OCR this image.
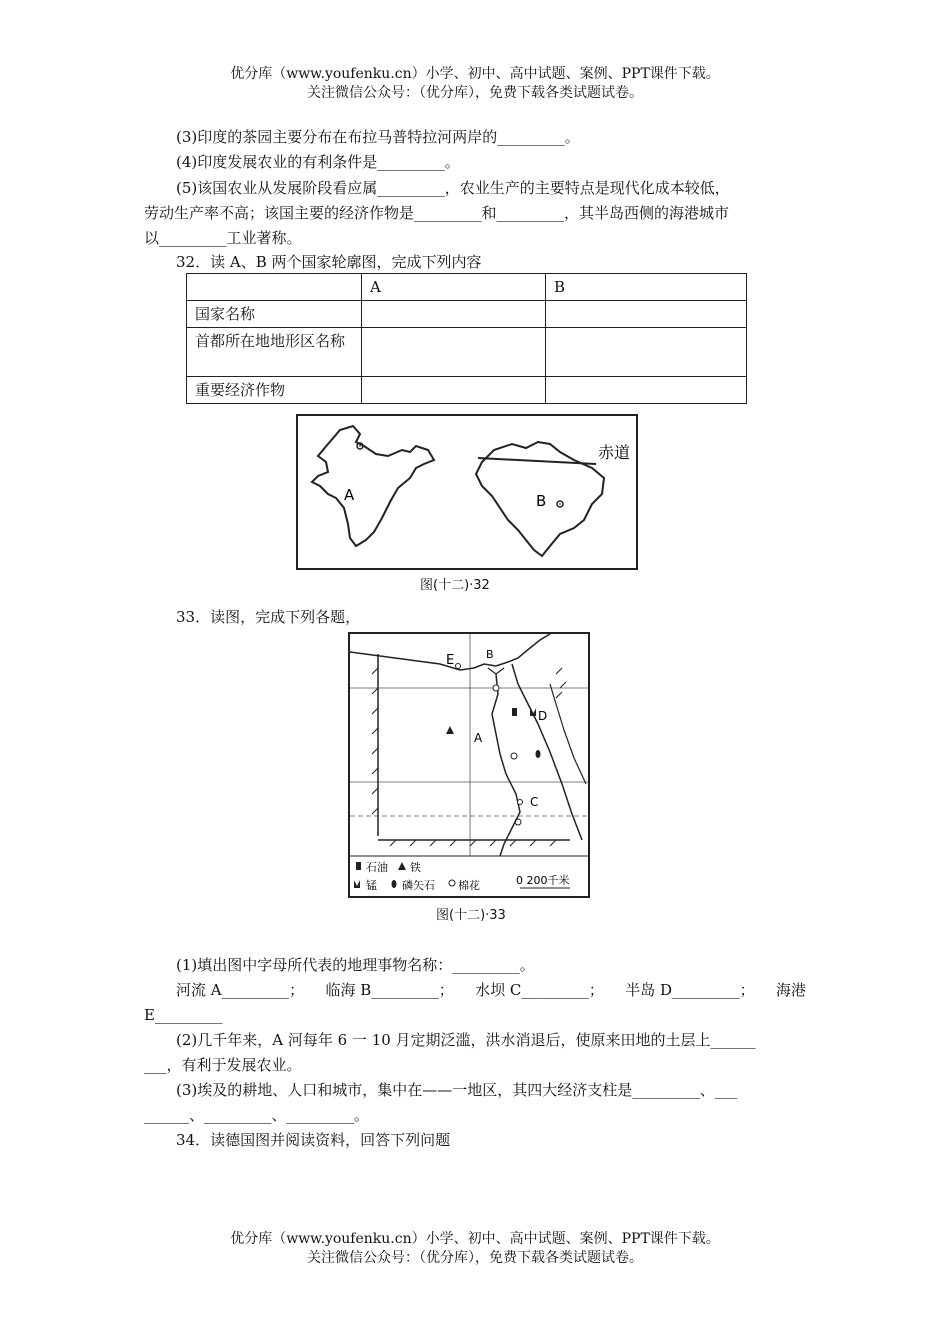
优分库（www.youfenku.cn）小学、初中、高中试题、案例、PPT课件下载。
关注微信公众号：（优分库），免费下载各类试题试卷。
(3)印度的茶园主要分布在布拉马普特拉河两岸的_________。
(4)印度发展农业的有利条件是_________。
(5)该国农业从发展阶段看应属_________，农业生产的主要特点是现代化成本较低，
劳动生产率不高；该国主要的经济作物是_________和_________，其半岛西侧的海港城市
以_________工业著称。
32．读 A、B 两个国家轮廓图，完成下列内容
	A	B
国家名称		
首都所在地地形区名称		
重要经济作物		
A
赤道
B
图(十二)·32
33．读图，完成下列各题，
E	B
A
C
D
石油 铁
锰 磷矢石 棉花	0 200千米
图(十二)·33
(1)填出图中字母所代表的地理事物名称：_________。
河流 A_________； 临海 B_________； 水坝 C_________； 半岛 D_________； 海港
E_________
(2)几千年来，A 河每年 6 一 10 月定期泛滥，洪水消退后，使原来田地的土层上______
___，有利于发展农业。
(3)埃及的耕地、人口和城市，集中在——一地区，其四大经济支柱是_________、___
______、_________、_________。
34．读德国图并阅读资料，回答下列问题
优分库（www.youfenku.cn）小学、初中、高中试题、案例、PPT课件下载。
关注微信公众号：（优分库），免费下载各类试题试卷。
